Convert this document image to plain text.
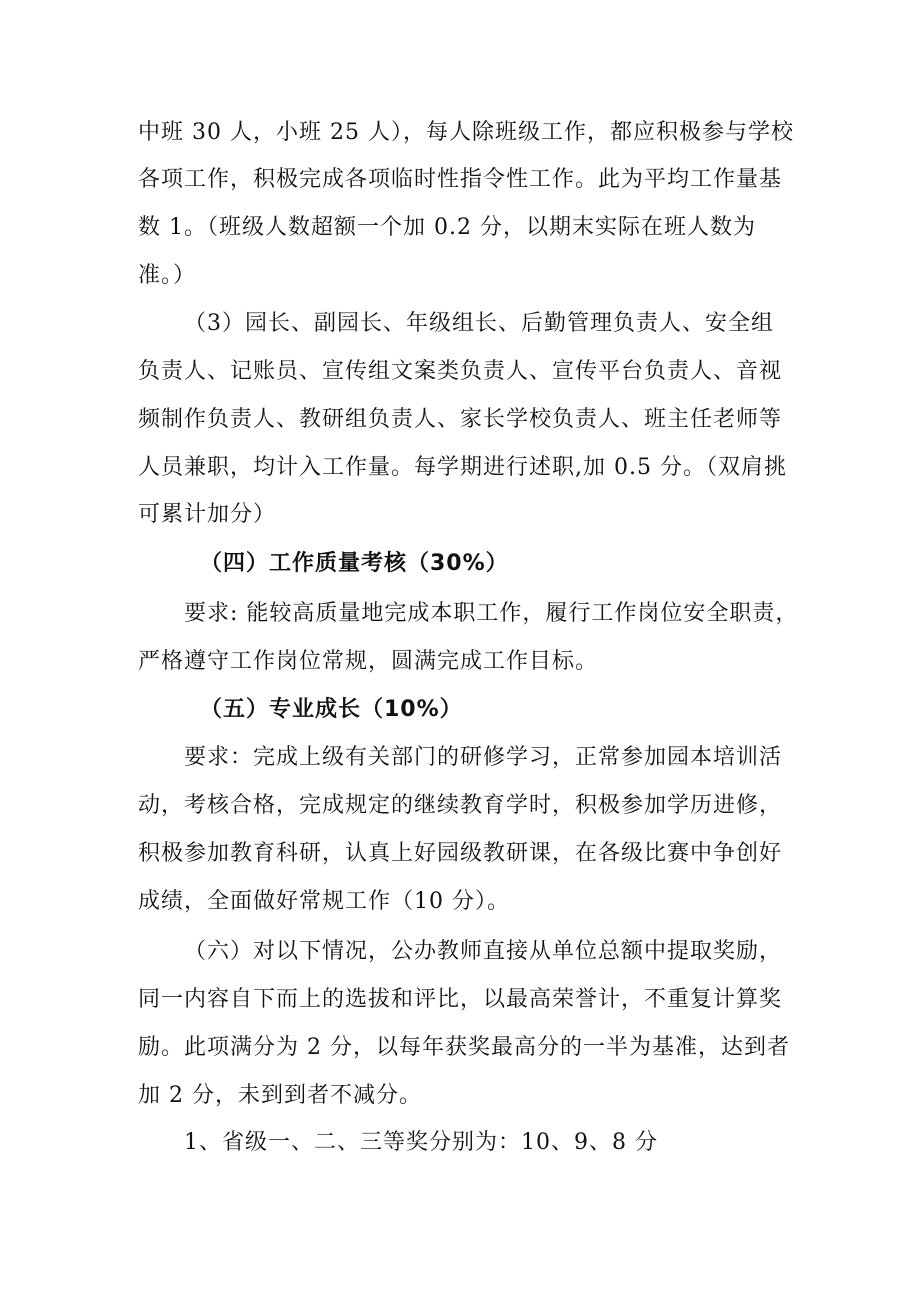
中班 30 人，小班 25 人），每人除班级工作，都应积极参与学校
各项工作，积极完成各项临时性指令性工作。此为平均工作量基
数 1。（班级人数超额一个加 0.2 分，以期末实际在班人数为
准。）
（3）园长、副园长、年级组长、后勤管理负责人、安全组
负责人、记账员、宣传组文案类负责人、宣传平台负责人、音视
频制作负责人、教研组负责人、家长学校负责人、班主任老师等
人员兼职，均计入工作量。每学期进行述职,加 0.5 分。（双肩挑
可累计加分）
（四）工作质量考核（30%）
要求: 能较高质量地完成本职工作，履行工作岗位安全职责，
严格遵守工作岗位常规，圆满完成工作目标。
（五）专业成长（10%）
要求：完成上级有关部门的研修学习，正常参加园本培训活
动，考核合格，完成规定的继续教育学时，积极参加学历进修，
积极参加教育科研，认真上好园级教研课，在各级比赛中争创好
成绩，全面做好常规工作（10 分）。
（六）对以下情况，公办教师直接从单位总额中提取奖励，
同一内容自下而上的选拔和评比，以最高荣誉计，不重复计算奖
励。此项满分为 2 分，以每年获奖最高分的一半为基准，达到者
加 2 分，未到到者不减分。
1、省级一、二、三等奖分别为：10、9、8 分
